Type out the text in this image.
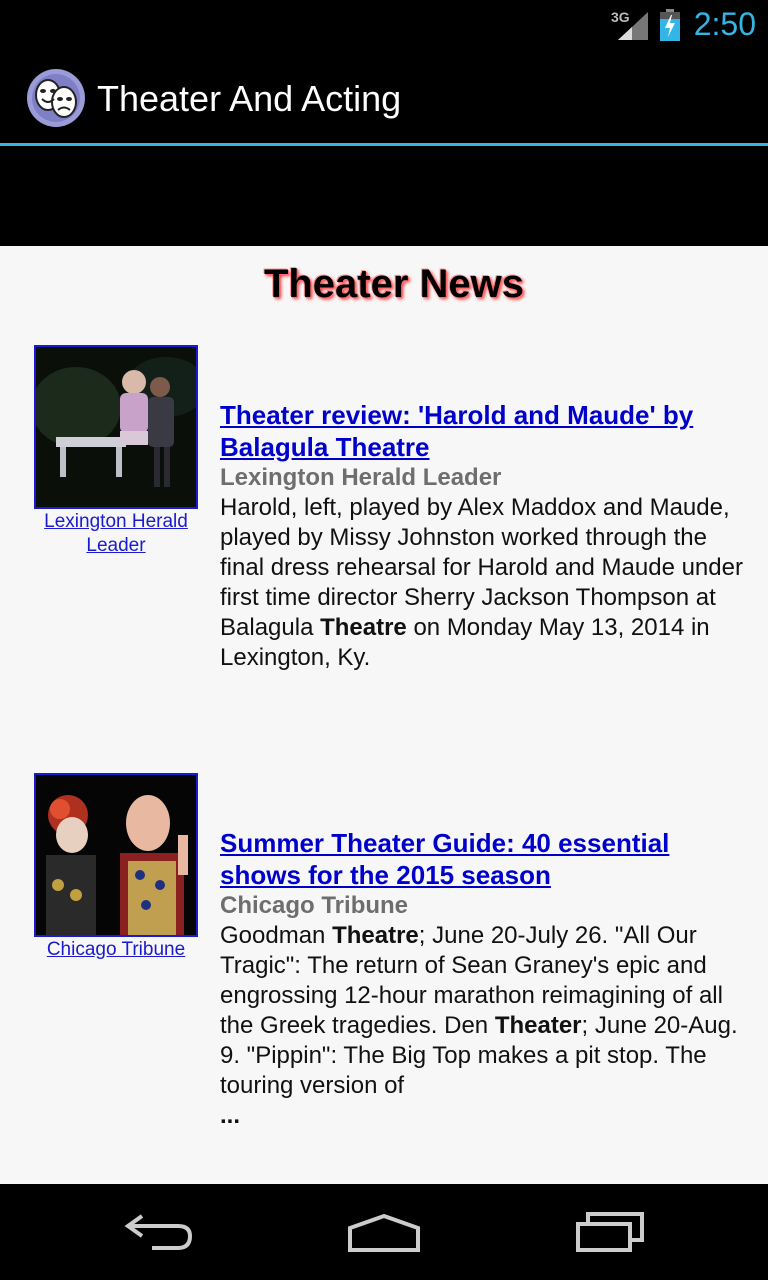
3G 2:50
Theater And Acting
Theater News
Lexington Herald Leader
Theater review: 'Harold and Maude' by Balagula Theatre
Lexington Herald Leader
Harold, left, played by Alex Maddox and Maude, played by Missy Johnston worked through the final dress rehearsal for Harold and Maude under first time director Sherry Jackson Thompson at Balagula Theatre on Monday May 13, 2014 in Lexington, Ky.
Chicago Tribune
Summer Theater Guide: 40 essential shows for the 2015 season
Chicago Tribune
Goodman Theatre; June 20-July 26. "All Our Tragic": The return of Sean Graney's epic and engrossing 12-hour marathon reimagining of all the Greek tragedies. Den Theater; June 20-Aug. 9. "Pippin": The Big Top makes a pit stop. The touring version of
...
